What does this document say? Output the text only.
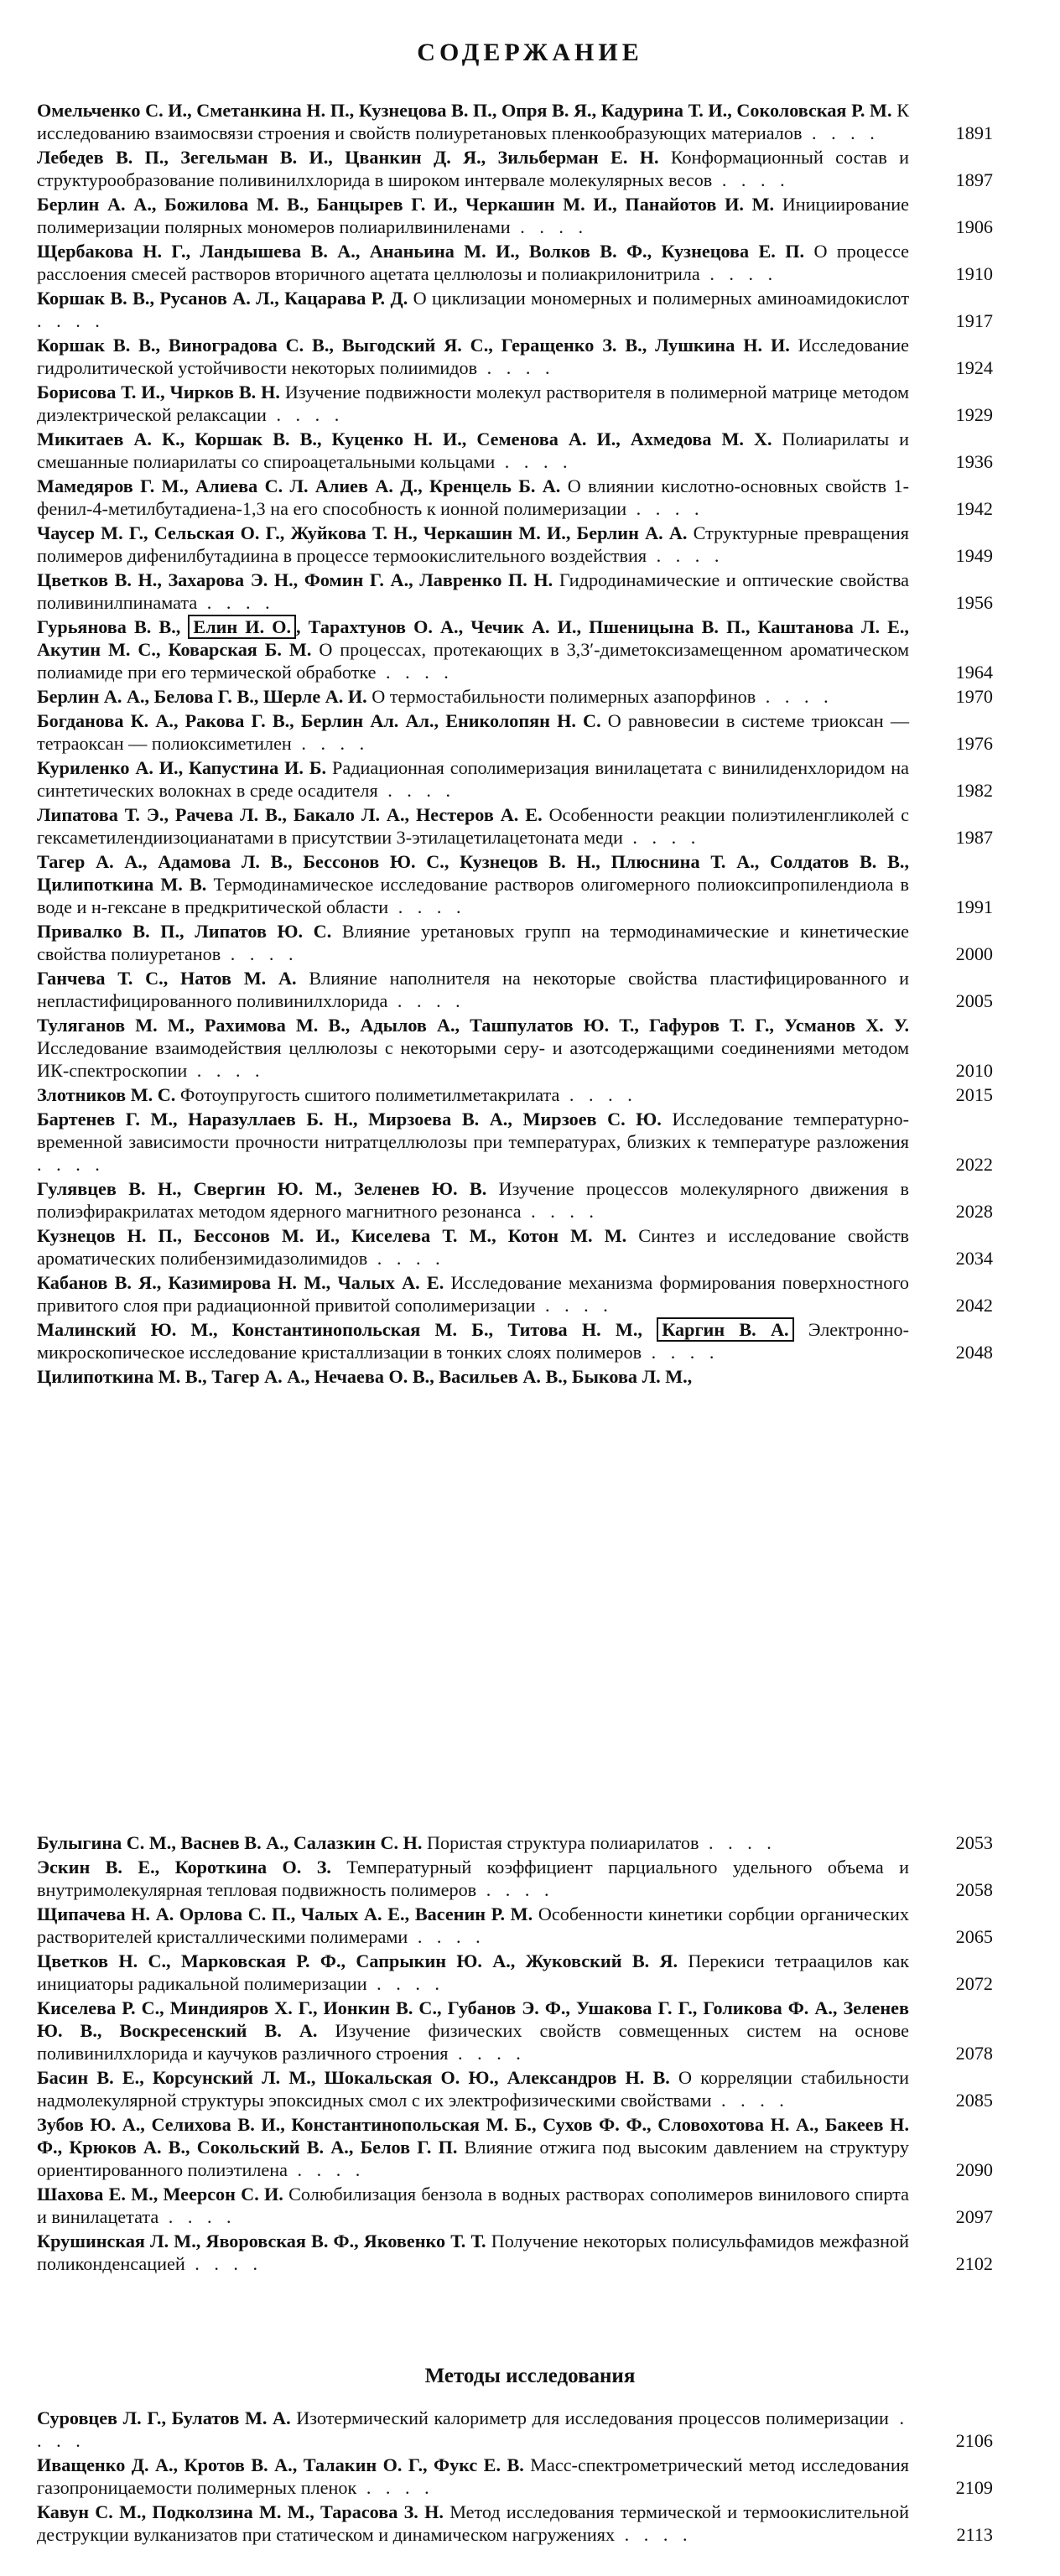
СОДЕРЖАНИЕ
Омельченко С. И., Сметанкина Н. П., Кузнецова В. П., Опря В. Я., Кадурина Т. И., Соколовская Р. М. К исследованию взаимосвязи строения и свойств полиуретановых пленкообразующих материалов . . . .	1891
Лебедев В. П., Зегельман В. И., Цванкин Д. Я., Зильберман Е. Н. Конформационный состав и структурообразование поливинилхлорида в широком интервале молекулярных весов . . . .	1897
Берлин А. А., Божилова М. В., Банцырев Г. И., Черкашин М. И., Панайотов И. М. Инициирование полимеризации полярных мономеров полиарилвиниленами . . . .	1906
Щербакова Н. Г., Ландышева В. А., Ананьина М. И., Волков В. Ф., Кузнецова Е. П. О процессе расслоения смесей растворов вторичного ацетата целлюлозы и полиакрилонитрила . . . .	1910
Коршак В. В., Русанов А. Л., Кацарава Р. Д. О циклизации мономерных и полимерных аминоамидокислот . . . .	1917
Коршак В. В., Виноградова С. В., Выгодский Я. С., Геращенко З. В., Лушкина Н. И. Исследование гидролитической устойчивости некоторых полиимидов . . . .	1924
Борисова Т. И., Чирков В. Н. Изучение подвижности молекул растворителя в полимерной матрице методом диэлектрической релаксации . . . .	1929
Микитаев А. К., Коршак В. В., Куценко Н. И., Семенова А. И., Ахмедова М. Х. Полиарилаты и смешанные полиарилаты со спироацетальными кольцами . . . .	1936
Мамедяров Г. М., Алиева С. Л. Алиев А. Д., Кренцель Б. А. О влиянии кислотно-основных свойств 1-фенил-4-метилбутадиена-1,3 на его способность к ионной полимеризации . . . .	1942
Чаусер М. Г., Сельская О. Г., Жуйкова Т. Н., Черкашин М. И., Берлин А. А. Структурные превращения полимеров дифенилбутадиина в процессе термоокислительного воздействия . . . .	1949
Цветков В. Н., Захарова Э. Н., Фомин Г. А., Лавренко П. Н. Гидродинамические и оптические свойства поливинилпинамата . . . .	1956
Гурьянова В. В., Елин И. О. , Тарахтунов О. А., Чечик А. И., Пшеницына В. П., Каштанова Л. Е., Акутин М. С., Коварская Б. М. О процессах, протекающих в 3,3′-диметоксизамещенном ароматическом полиамиде при его термической обработке . . . .	1964
Берлин А. А., Белова Г. В., Шерле А. И. О термостабильности полимерных азапорфинов . . . .	1970
Богданова К. А., Ракова Г. В., Берлин Ал. Ал., Ениколопян Н. С. О равновесии в системе триоксан — тетраоксан — полиоксиметилен . . . .	1976
Куриленко А. И., Капустина И. Б. Радиационная сополимеризация винилацетата с винилиденхлоридом на синтетических волокнах в среде осадителя . . . .	1982
Липатова Т. Э., Рачева Л. В., Бакало Л. А., Нестеров А. Е. Особенности реакции полиэтиленгликолей с гексаметилендиизоцианатами в присутствии 3-этилацетилацетоната меди . . . .	1987
Тагер А. А., Адамова Л. В., Бессонов Ю. С., Кузнецов В. Н., Плюснина Т. А., Солдатов В. В., Цилипоткина М. В. Термодинамическое исследование растворов олигомерного полиоксипропилендиола в воде и н-гексане в предкритической области . . . .	1991
Привалко В. П., Липатов Ю. С. Влияние уретановых групп на термодинамические и кинетические свойства полиуретанов . . . .	2000
Ганчева Т. С., Натов М. А. Влияние наполнителя на некоторые свойства пластифицированного и непластифицированного поливинилхлорида . . . .	2005
Туляганов М. М., Рахимова М. В., Адылов А., Ташпулатов Ю. Т., Гафуров Т. Г., Усманов Х. У. Исследование взаимодействия целлюлозы с некоторыми серу- и азотсодержащими соединениями методом ИК-спектроскопии . . . .	2010
Злотников М. С. Фотоупругость сшитого полиметилметакрилата . . . .	2015
Бартенев Г. М., Наразуллаев Б. Н., Мирзоева В. А., Мирзоев С. Ю. Исследование температурно-временной зависимости прочности нитратцеллюлозы при температурах, близких к температуре разложения . . . .	2022
Гулявцев В. Н., Свергин Ю. М., Зеленев Ю. В. Изучение процессов молекулярного движения в полиэфиракрилатах методом ядерного магнитного резонанса . . . .	2028
Кузнецов Н. П., Бессонов М. И., Киселева Т. М., Котон М. М. Синтез и исследование свойств ароматических полибензимидазолимидов . . . .	2034
Кабанов В. Я., Казимирова Н. М., Чалых А. Е. Исследование механизма формирования поверхностного привитого слоя при радиационной привитой сополимеризации . . . .	2042
Малинский Ю. М., Константинопольская М. Б., Титова Н. М., Каргин В. А. Электронно-микроскопическое исследование кристаллизации в тонких слоях полимеров . . . .	2048
Цилипоткина М. В., Тагер А. А., Нечаева О. В., Васильев А. В., Быкова Л. М.,
Булыгина С. М., Васнев В. А., Салазкин С. Н. Пористая структура полиарилатов . . . .	2053
Эскин В. Е., Короткина О. З. Температурный коэффициент парциального удельного объема и внутримолекулярная тепловая подвижность полимеров . . . .	2058
Щипачева Н. А. Орлова С. П., Чалых А. Е., Васенин Р. М. Особенности кинетики сорбции органических растворителей кристаллическими полимерами . . . .	2065
Цветков Н. С., Марковская Р. Ф., Сапрыкин Ю. А., Жуковский В. Я. Перекиси тетраацилов как инициаторы радикальной полимеризации . . . .	2072
Киселева Р. С., Миндияров Х. Г., Ионкин В. С., Губанов Э. Ф., Ушакова Г. Г., Голикова Ф. А., Зеленев Ю. В., Воскресенский В. А. Изучение физических свойств совмещенных систем на основе поливинилхлорида и каучуков различного строения . . . .	2078
Басин В. Е., Корсунский Л. М., Шокальская О. Ю., Александров Н. В. О корреляции стабильности надмолекулярной структуры эпоксидных смол с их электрофизическими свойствами . . . .	2085
Зубов Ю. А., Селихова В. И., Константинопольская М. Б., Сухов Ф. Ф., Словохотова Н. А., Бакеев Н. Ф., Крюков А. В., Сокольский В. А., Белов Г. П. Влияние отжига под высоким давлением на структуру ориентированного полиэтилена . . . .	2090
Шахова Е. М., Меерсон С. И. Солюбилизация бензола в водных растворах сополимеров винилового спирта и винилацетата . . . .	2097
Крушинская Л. М., Яворовская В. Ф., Яковенко Т. Т. Получение некоторых полисульфамидов межфазной поликонденсацией . . . .	2102
Методы исследования
Суровцев Л. Г., Булатов М. А. Изотермический калориметр для исследования процессов полимеризации . . . .	2106
Иващенко Д. А., Кротов В. А., Талакин О. Г., Фукс Е. В. Масс-спектрометрический метод исследования газопроницаемости полимерных пленок . . . .	2109
Кавун С. М., Подколзина М. М., Тарасова З. Н. Метод исследования термической и термоокислительной деструкции вулканизатов при статическом и динамическом нагружениях . . . .	2113
